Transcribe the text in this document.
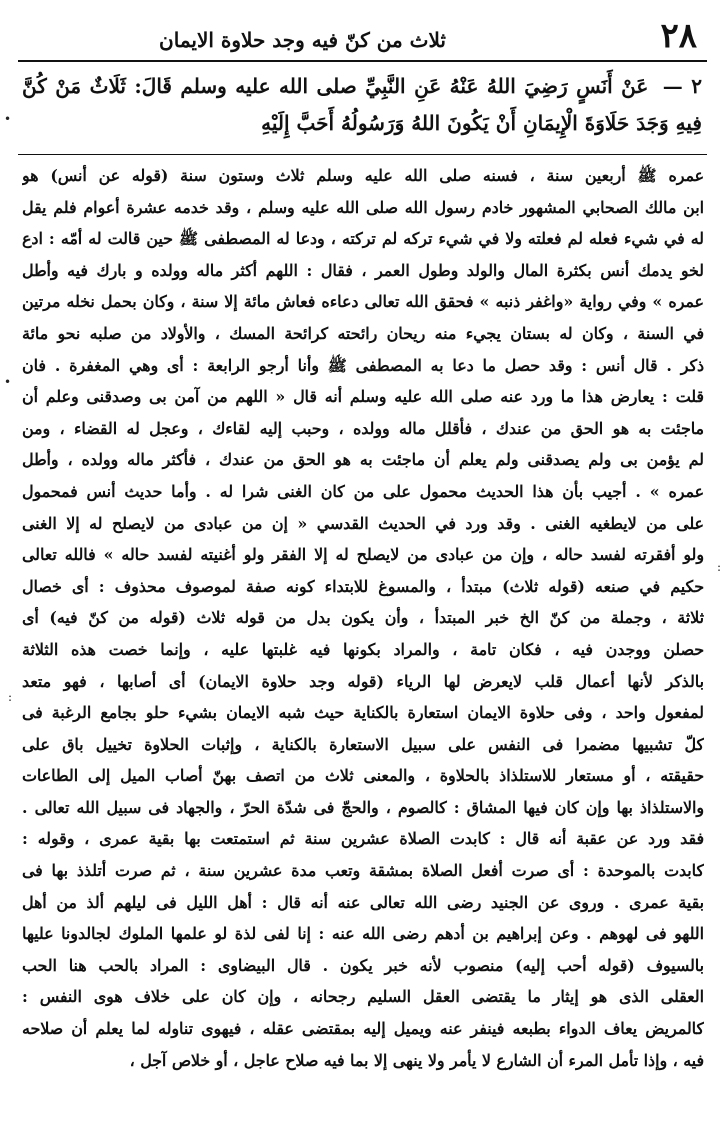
٢٨
ثلاث من كنّ فيه وجد حلاوة الايمان
٢ — عَنْ أَنَسٍ رَضِيَ اللهُ عَنْهُ عَنِ النَّبِيِّ صلى الله عليه وسلم قَالَ: ثَلَاثٌ مَنْ كُنَّ فِيهِ وَجَدَ حَلَاوَةَ الْإِيمَانِ أَنْ يَكُونَ اللهُ وَرَسُولُهُ أَحَبَّ إِلَيْهِ
عمره ﷺ أربعين سنة ، فسنه صلى الله عليه وسلم ثلاث وستون سنة (قوله عن أنس) هو
ابن مالك الصحابي المشهور خادم رسول الله صلى الله عليه وسلم ، وقد خدمه عشرة أعوام فلم يقل
له في شيء فعله لم فعلته ولا في شيء تركه لم تركته ، ودعا له المصطفى ﷺ حين قالت له أمّه : ادع
لخو يدمك أنس بكثرة المال والولد وطول العمر ، فقال : اللهم أكثر ماله وولده و بارك فيه وأطل
عمره » وفي رواية «واغفر ذنبه » فحقق الله تعالى دعاءه فعاش مائة إلا سنة ، وكان بحمل نخله مرتين
في السنة ، وكان له بستان يجيء منه ريحان رائحته كرائحة المسك ، والأولاد من صلبه نحو مائة
ذكر . قال أنس : وقد حصل ما دعا به المصطفى ﷺ وأنا أرجو الرابعة : أى وهي المغفرة . فان
قلت : يعارض هذا ما ورد عنه صلى الله عليه وسلم أنه قال « اللهم من آمن بى وصدقنى وعلم أن
ماجئت به هو الحق من عندك ، فأقلل ماله وولده ، وحبب إليه لقاءك ، وعجل له القضاء ، ومن
لم يؤمن بى ولم يصدقنى ولم يعلم أن ماجئت به هو الحق من عندك ، فأكثر ماله وولده ، وأطل
عمره » . أجيب بأن هذا الحديث محمول على من كان الغنى شرا له . وأما حديث أنس فمحمول
على من لايطغيه الغنى . وقد ورد في الحديث القدسي « إن من عبادى من لايصلح له إلا الغنى
ولو أفقرته لفسد حاله ، وإن من عبادى من لايصلح له إلا الفقر ولو أغنيته لفسد حاله » فالله تعالى
حكيم في صنعه (قوله ثلاث) مبتدأ ، والمسوغ للابتداء كونه صفة لموصوف محذوف : أى خصال
ثلاثة ، وجملة من كنّ الخ خبر المبتدأ ، وأن يكون بدل من قوله ثلاث (قوله من كنّ فيه) أى
حصلن ووجدن فيه ، فكان تامة ، والمراد بكونها فيه غلبتها عليه ، وإنما خصت هذه الثلاثة
بالذكر لأنها أعمال قلب لايعرض لها الرياء (قوله وجد حلاوة الايمان) أى أصابها ، فهو متعد
لمفعول واحد ، وفى حلاوة الايمان استعارة بالكناية حيث شبه الايمان بشيء حلو بجامع الرغبة فى
كلّ تشبيها مضمرا فى النفس على سبيل الاستعارة بالكناية ، وإثبات الحلاوة تخييل باق على
حقيقته ، أو مستعار للاستلذاذ بالحلاوة ، والمعنى ثلاث من اتصف بهنّ أصاب الميل إلى الطاعات
والاستلذاذ بها وإن كان فيها المشاق : كالصوم ، والحجّ فى شدّة الحرّ ، والجهاد فى سبيل الله تعالى .
فقد ورد عن عقبة أنه قال : كابدت الصلاة عشرين سنة ثم استمتعت بها بقية عمرى ، وقوله :
كابدت بالموحدة : أى صرت أفعل الصلاة بمشقة وتعب مدة عشرين سنة ، ثم صرت أتلذذ بها فى
بقية عمرى . وروى عن الجنيد رضى الله تعالى عنه أنه قال : أهل الليل فى ليلهم ألذ من أهل
اللهو فى لهوهم . وعن إبراهيم بن أدهم رضى الله عنه : إنا لفى لذة لو علمها الملوك لجالدونا عليها
بالسيوف (قوله أحب إليه) منصوب لأنه خبر يكون . قال البيضاوى : المراد بالحب هنا الحب
العقلى الذى هو إيثار ما يقتضى العقل السليم رجحانه ، وإن كان على خلاف هوى النفس :
كالمريض يعاف الدواء بطبعه فينفر عنه ويميل إليه بمقتضى عقله ، فيهوى تناوله لما يعلم أن صلاحه
فيه ، وإذا تأمل المرء أن الشارع لا يأمر ولا ينهى إلا بما فيه صلاح عاجل ، أو خلاص آجل ،
•
•
:
:
